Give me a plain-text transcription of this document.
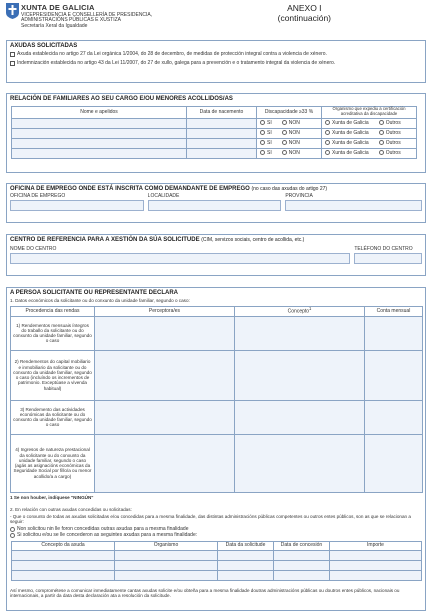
XUNTA DE GALICIA
VICEPRESIDENCIA E CONSELLERÍA DE PRESIDENCIA,
ADMINISTRACIÓNS PÚBLICAS E XUSTIZA
Secretaría Xeral da Igualdade
ANEXO I
(continuación)
AXUDAS SOLICITADAS
Axuda establecida no artigo 27 da Lei orgánica 1/2004, do 28 de decembro, de medidas de protección integral contra a violencia de xénero.
Indemnización establecida no artigo 43 da Lei 11/2007, do 27 de xullo, galega para a prevención e o tratamento integral da violencia de xénero.
RELACIÓN DE FAMILIARES AO SEU CARGO E/OU MENORES ACOLLIDOS/AS
Nome e apelidos	Data de nacemento	Discapacidade ≥33 %	Organismo que expediu a certificación acreditativa da discapacidade
		SI NON	Xunta de Galicia Outros
		SI NON	Xunta de Galicia Outros
		SI NON	Xunta de Galicia Outros
		SI NON	Xunta de Galicia Outros
OFICINA DE EMPREGO ONDE ESTÁ INSCRITA COMO DEMANDANTE DE EMPREGO (no caso das axudas do artigo 27)
OFICINA DE EMPREGO	LOCALIDADE	PROVINCIA
CENTRO DE REFERENCIA PARA A XESTIÓN DA SÚA SOLICITUDE (CIM, servizos sociais, centro de acollida, etc.)
NOME DO CENTRO	TELÉFONO DO CENTRO
A PERSOA SOLICITANTE OU REPRESENTANTE DECLARA
1. Datos económicos da solicitante ou do conxunto da unidade familiar, segundo o caso:
Procedencia das rendas	Perceptora/es	Concepto$^1$	Conta mensual
1) Rendementos mensuais íntegros do traballo da solicitante ou do conxunto da unidade familiar, segundo o caso			
2) Rendementos do capital mobiliario e inmobiliario da solicitante ou do conxunto da unidade familiar, segundo o caso (incluíndo os incrementos de patrimonio. Exceptúase a vivenda habitual)			
3) Rendemento das actividades económicas da solicitante ou do conxunto da unidade familiar, segundo o caso			
4) Ingresos de natureza prestacional da solicitante ou do conxunto da unidade familiar, segundo o caso (agás as asignacións económicas da Seguridade Social por fillo/a ou menor acollido/a a cargo)			
1 Se non houber, indíquese "NINGÚN"
2. En relación con outras axudas concedidas ou solicitadas:
- Que o conxunto de todas as axudas solicitadas e/ou concedidas para a mesma finalidade, das distintas administracións públicas competentes ou outros entes públicos, son as que se relacionan a seguir:
Non solicitou nin lle foron concedidas outras axudas para a mesma finalidade
Si solicitou e/ou se lle concederon as seguintes axudas para a mesma finalidade:
Concepto da axuda	Organismo	Data da solicitude	Data de concesión	Importe

Así mesmo, comprométese a comunicar inmediatamente cantas axudas solicite e/ou obteña para a mesma finalidade doutras administracións públicas ou doutros entes públicos, nacionais ou internacionais, a partir da data desta declaración ata a resolución da solicitude.
